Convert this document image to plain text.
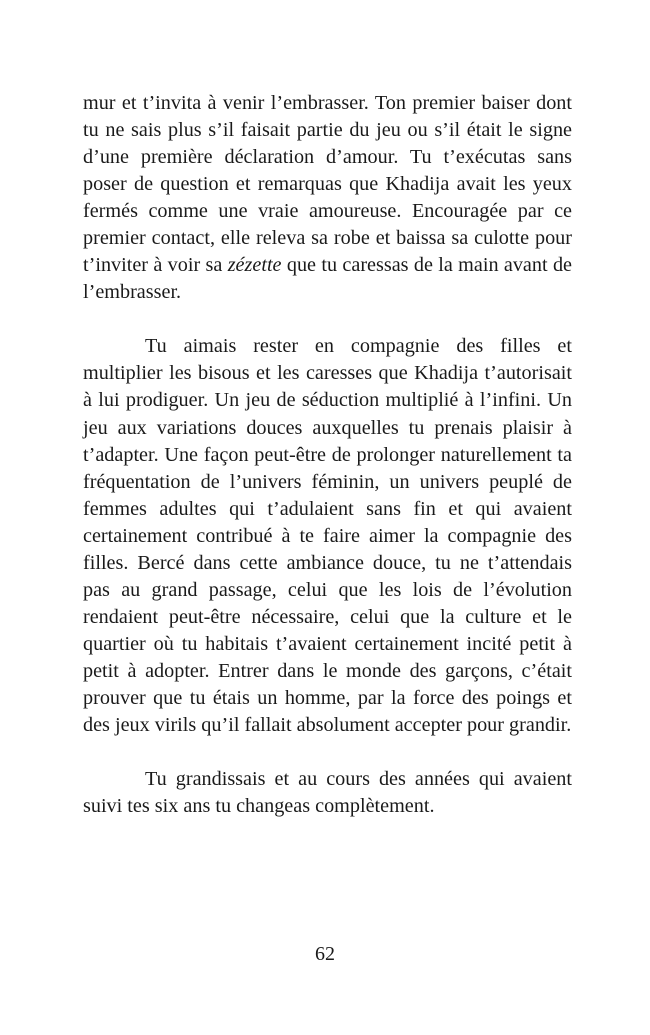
mur et t’invita à venir l’embrasser. Ton premier baiser dont tu ne sais plus s’il faisait partie du jeu ou s’il était le signe d’une première déclaration d’amour. Tu t’exécutas sans poser de question et remarquas que Khadija avait les yeux fermés comme une vraie amoureuse. Encouragée par ce premier contact, elle releva sa robe et baissa sa culotte pour t’inviter à voir sa zézette que tu caressas de la main avant de l’embrasser.

Tu aimais rester en compagnie des filles et multiplier les bisous et les caresses que Khadija t’autorisait à lui prodiguer. Un jeu de séduction multiplié à l’infini. Un jeu aux variations douces auxquelles tu prenais plaisir à t’adapter. Une façon peut-être de prolonger naturellement ta fréquentation de l’univers féminin, un univers peuplé de femmes adultes qui t’adulaient sans fin et qui avaient certainement contribué à te faire aimer la compagnie des filles. Bercé dans cette ambiance douce, tu ne t’attendais pas au grand passage, celui que les lois de l’évolution rendaient peut-être nécessaire, celui que la culture et le quartier où tu habitais t’avaient certainement incité petit à petit à adopter. Entrer dans le monde des garçons, c’était prouver que tu étais un homme, par la force des poings et des jeux virils qu’il fallait absolument accepter pour grandir.

Tu grandissais et au cours des années qui avaient suivi tes six ans tu changeas complètement.

62
